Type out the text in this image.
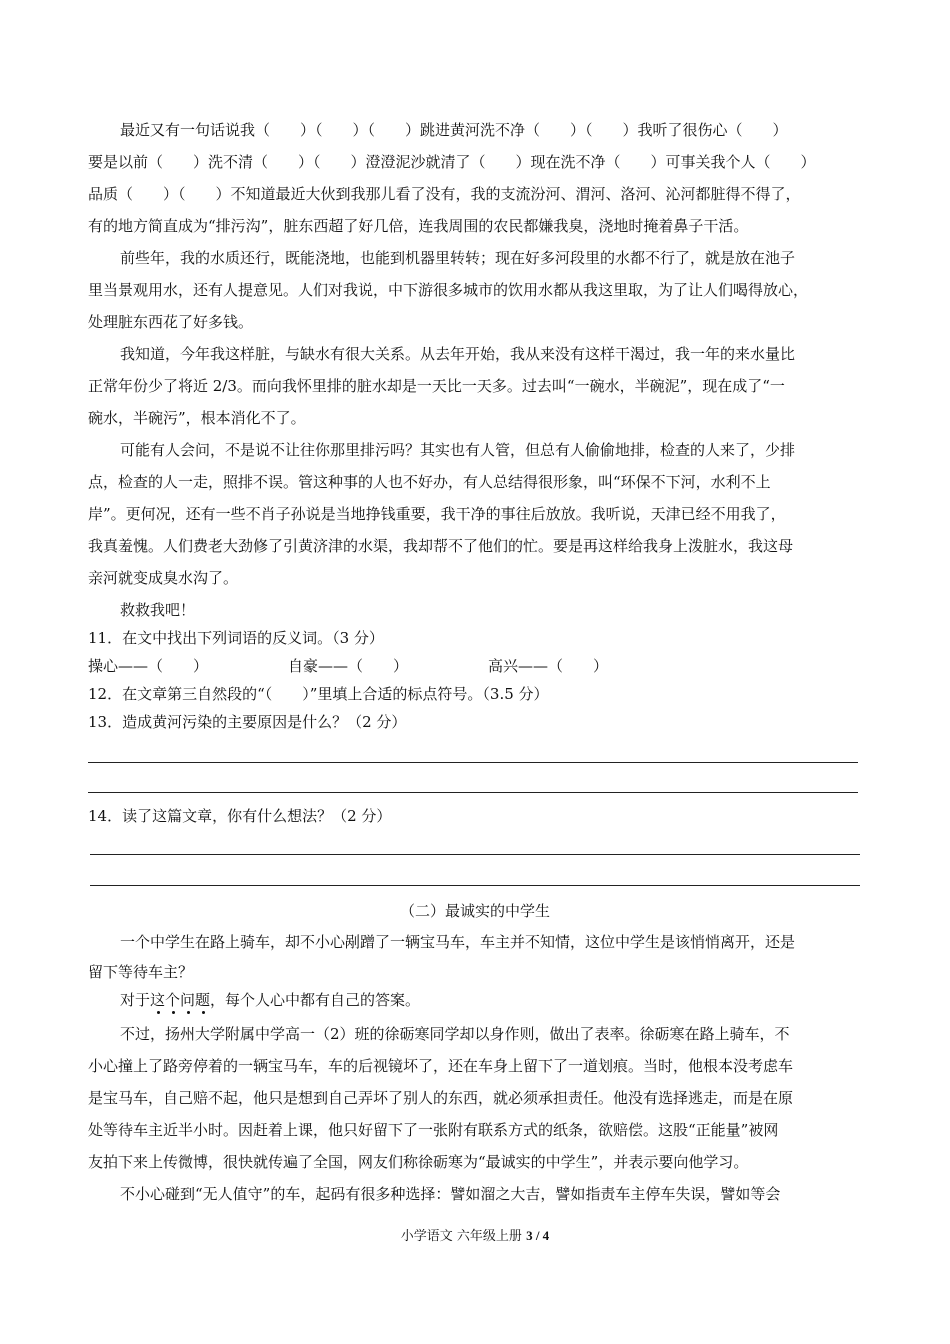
最近又有一句话说我（　　）（　　）（　　）跳进黄河洗不净（　　）（　　）我听了很伤心（　　）
要是以前（　　）洗不清（　　）（　　）澄澄泥沙就清了（　　）现在洗不净（　　）可事关我个人（　　）
品质（　　）（　　）不知道最近大伙到我那儿看了没有，我的支流汾河、渭河、洛河、沁河都脏得不得了，
有的地方简直成为“排污沟”，脏东西超了好几倍，连我周围的农民都嫌我臭，浇地时掩着鼻子干活。
前些年，我的水质还行，既能浇地，也能到机器里转转；现在好多河段里的水都不行了，就是放在池子
里当景观用水，还有人提意见。人们对我说，中下游很多城市的饮用水都从我这里取，为了让人们喝得放心，
处理脏东西花了好多钱。
我知道，今年我这样脏，与缺水有很大关系。从去年开始，我从来没有这样干渴过，我一年的来水量比
正常年份少了将近 2/3。而向我怀里排的脏水却是一天比一天多。过去叫“一碗水，半碗泥”，现在成了“一
碗水，半碗污”，根本消化不了。
可能有人会问，不是说不让往你那里排污吗？其实也有人管，但总有人偷偷地排，检查的人来了，少排
点，检查的人一走，照排不误。管这种事的人也不好办，有人总结得很形象，叫“环保不下河，水利不上
岸”。更何况，还有一些不肖子孙说是当地挣钱重要，我干净的事往后放放。我听说，天津已经不用我了，
我真羞愧。人们费老大劲修了引黄济津的水渠，我却帮不了他们的忙。要是再这样给我身上泼脏水，我这母
亲河就变成臭水沟了。
救救我吧！
11．在文中找出下列词语的反义词。（3 分）
操心——（　　）	自豪——（　　）	高兴——（　　）
12．在文章第三自然段的“（　　）”里填上合适的标点符号。（3.5 分）
13．造成黄河污染的主要原因是什么？（2 分）
14．读了这篇文章，你有什么想法？（2 分）
（二）最诚实的中学生
一个中学生在路上骑车，却不小心剐蹭了一辆宝马车，车主并不知情，这位中学生是该悄悄离开，还是
留下等待车主？
对于这个问题，每个人心中都有自己的答案。
不过，扬州大学附属中学高一（2）班的徐砺寒同学却以身作则，做出了表率。徐砺寒在路上骑车，不
小心撞上了路旁停着的一辆宝马车，车的后视镜坏了，还在车身上留下了一道划痕。当时，他根本没考虑车
是宝马车，自己赔不起，他只是想到自己弄坏了别人的东西，就必须承担责任。他没有选择逃走，而是在原
处等待车主近半小时。因赶着上课，他只好留下了一张附有联系方式的纸条，欲赔偿。这股“正能量”被网
友拍下来上传微博，很快就传遍了全国，网友们称徐砺寒为“最诚实的中学生”，并表示要向他学习。
不小心碰到“无人值守”的车，起码有很多种选择：譬如溜之大吉，譬如指责车主停车失误，譬如等会
小学语文 六年级上册 3 / 4
